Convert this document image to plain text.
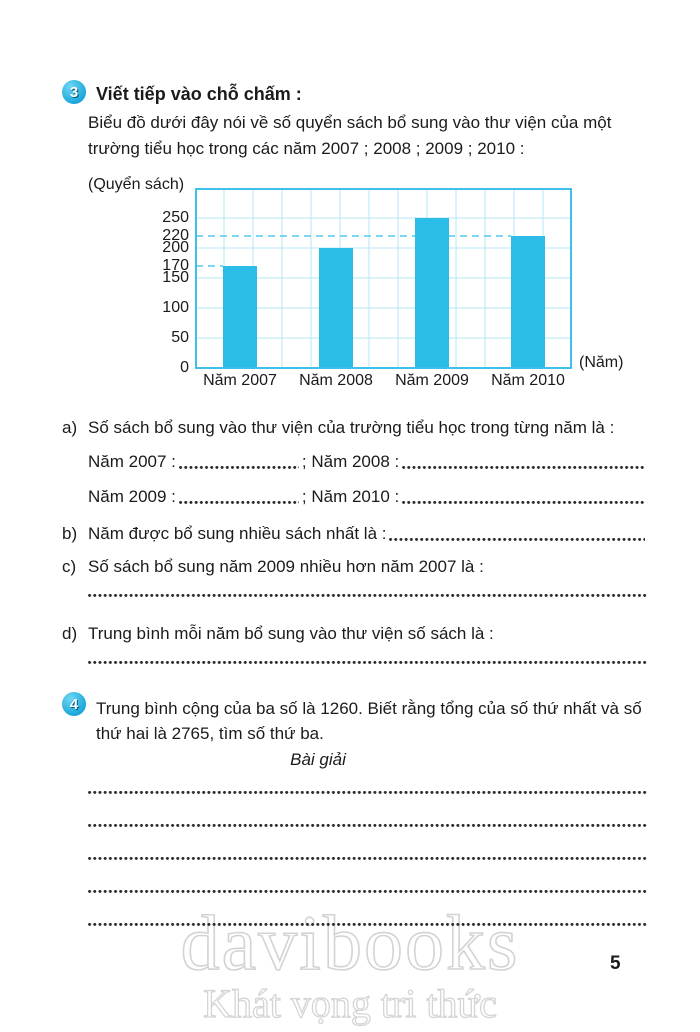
davibooks
Khát vọng tri thức
3 Viết tiếp vào chỗ chấm :
Biểu đồ dưới đây nói về số quyển sách bổ sung vào thư viện của một trường tiểu học trong các năm 2007 ; 2008 ; 2009 ; 2010 :
(Quyển sách)
250
220
200
170
150
100
50
0
Năm 2007	Năm 2008	Năm 2009	Năm 2010
(Năm)
a) Số sách bổ sung vào thư viện của trường tiểu học trong từng năm là :
Năm 2007 :	; Năm 2008 :
Năm 2009 :	; Năm 2010 :
b) Năm được bổ sung nhiều sách nhất là :
c) Số sách bổ sung năm 2009 nhiều hơn năm 2007 là :
d) Trung bình mỗi năm bổ sung vào thư viện số sách là :
4	Trung bình cộng của ba số là 1260. Biết rằng tổng của số thứ nhất và số thứ hai là 2765, tìm số thứ ba.
Bài giải
5
